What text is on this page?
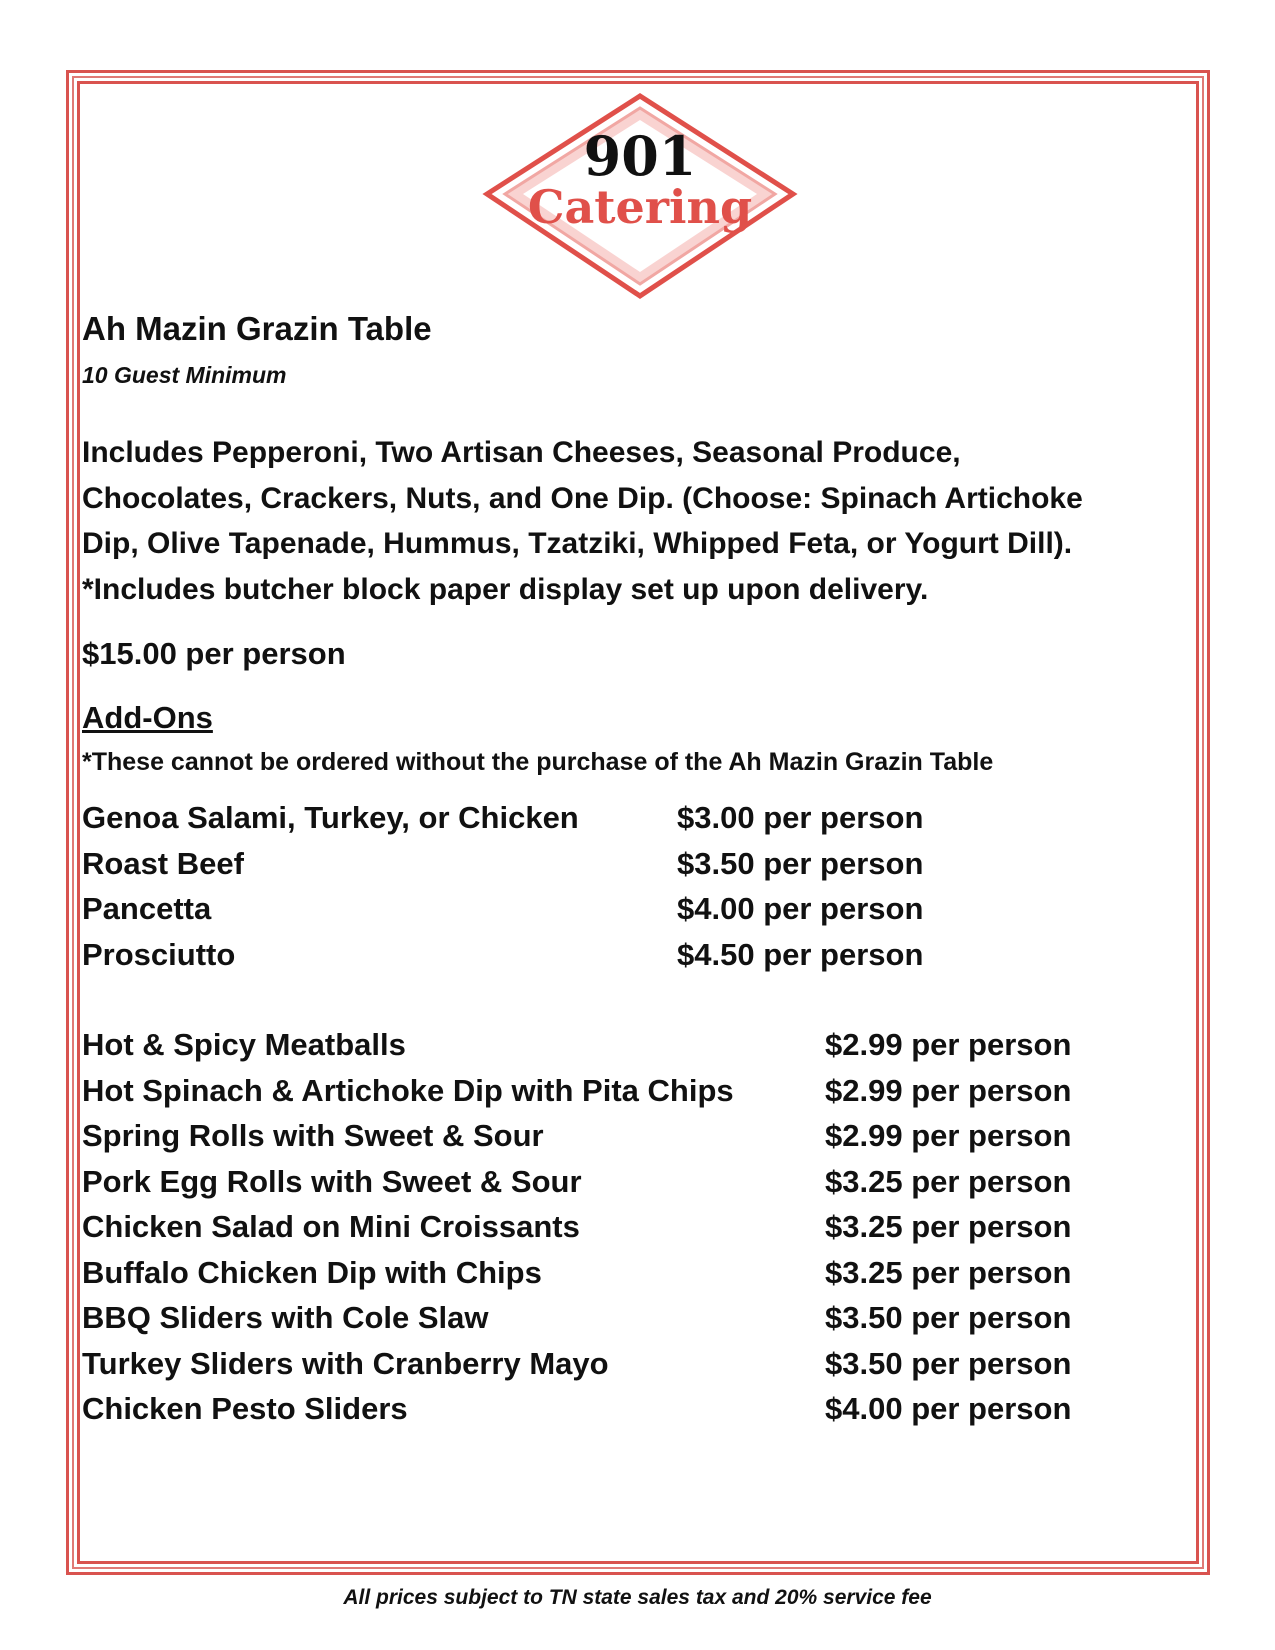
901
Catering
Ah Mazin Grazin Table

10 Guest Minimum

Includes Pepperoni, Two Artisan Cheeses, Seasonal Produce,
Chocolates, Crackers, Nuts, and One Dip. (Choose: Spinach Artichoke
Dip, Olive Tapenade, Hummus, Tzatziki, Whipped Feta, or Yogurt Dill).
*Includes butcher block paper display set up upon delivery.

$15.00 per person

Add-Ons

*These cannot be ordered without the purchase of the Ah Mazin Grazin Table

Genoa Salami, Turkey, or Chicken	$3.00 per person
Roast Beef	$3.50 per person
Pancetta	$4.00 per person
Prosciutto	$4.50 per person
Hot & Spicy Meatballs	$2.99 per person
Hot Spinach & Artichoke Dip with Pita Chips	$2.99 per person
Spring Rolls with Sweet & Sour	$2.99 per person
Pork Egg Rolls with Sweet & Sour	$3.25 per person
Chicken Salad on Mini Croissants	$3.25 per person
Buffalo Chicken Dip with Chips	$3.25 per person
BBQ Sliders with Cole Slaw	$3.50 per person
Turkey Sliders with Cranberry Mayo	$3.50 per person
Chicken Pesto Sliders	$4.00 per person
All prices subject to TN state sales tax and 20% service fee
